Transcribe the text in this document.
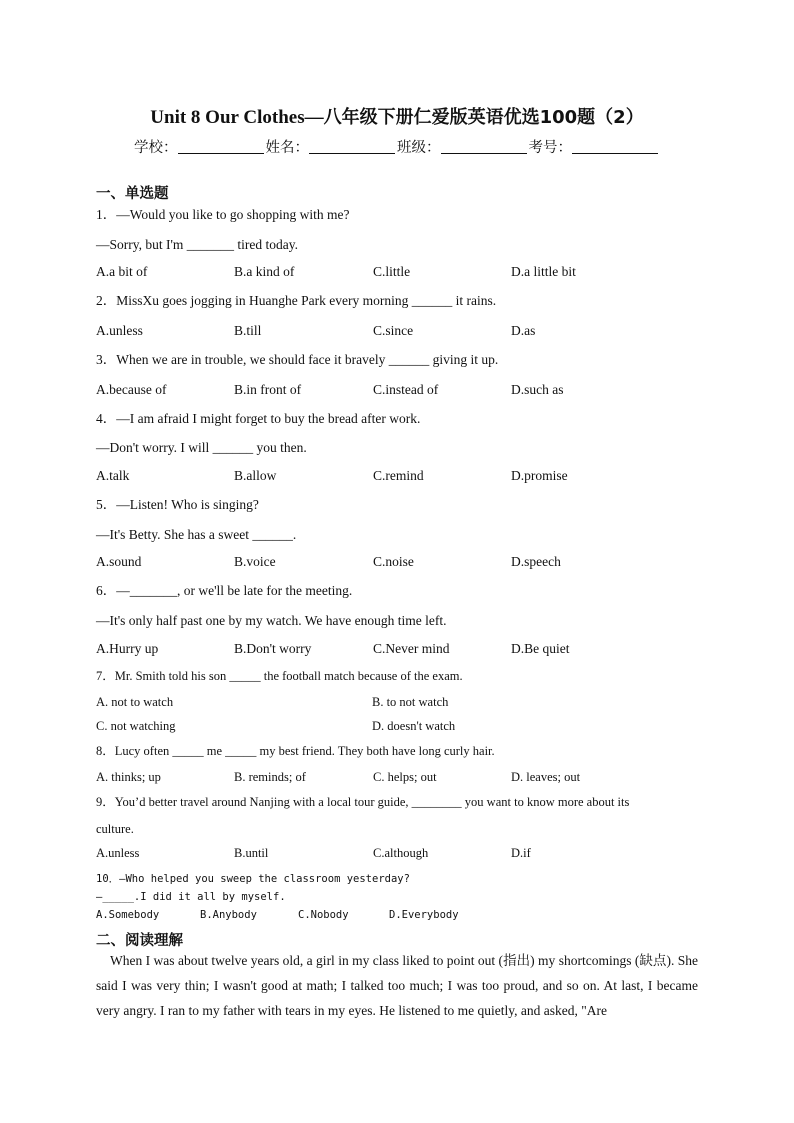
Unit 8 Our Clothes—八年级下册仁爱版英语优选100题（2）
学校：	姓名：	班级：	考号：
一、单选题
1．—Would you like to go shopping with me?
—Sorry, but I'm _______ tired today.
A.a bit of	B.a kind of	C.little	D.a little bit
2．MissXu goes jogging in Huanghe Park every morning ______ it rains.
A.unless	B.till	C.since	D.as
3．When we are in trouble, we should face it bravely ______ giving it up.
A.because of	B.in front of	C.instead of	D.such as
4．—I am afraid I might forget to buy the bread after work.
—Don't worry. I will ______ you then.
A.talk	B.allow	C.remind	D.promise
5．—Listen! Who is singing?
—It's Betty. She has a sweet ______.
A.sound	B.voice	C.noise	D.speech
6．—_______, or we'll be late for the meeting.
—It's only half past one by my watch. We have enough time left.
A.Hurry up	B.Don't worry	C.Never mind	D.Be quiet
7．Mr. Smith told his son _____ the football match because of the exam.
A. not to watch	B. to not watch
C. not watching	D. doesn't watch
8．Lucy often _____ me _____ my best friend. They both have long curly hair.
A. thinks; up	B. reminds; of	C. helps; out	D. leaves; out
9．You’d better travel around Nanjing with a local tour guide, ________ you want to know more about its
culture.
A.unless	B.until	C.although	D.if
10．—Who helped you sweep the classroom yesterday?
—_____.I did it all by myself.
A.Somebody	B.Anybody	C.Nobody	D.Everybody
二、阅读理解
When I was about twelve years old, a girl in my class liked to point out (指出) my shortcomings (缺点). She said I was very thin; I wasn't good at math; I talked too much; I was too proud, and so on. At last, I became very angry. I ran to my father with tears in my eyes. He listened to me quietly, and asked, "Are
